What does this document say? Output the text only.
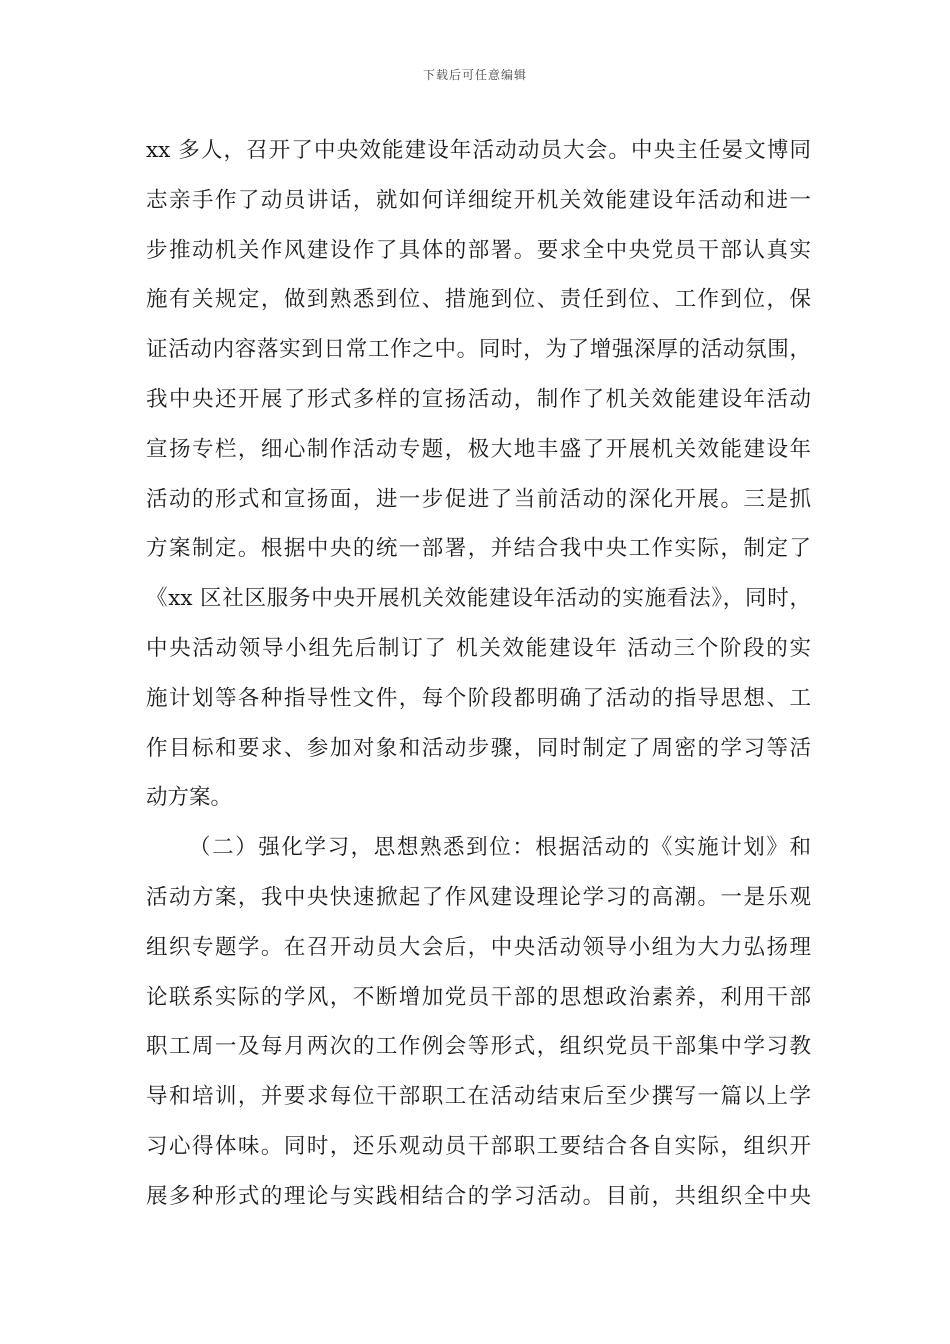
下载后可任意编辑
xx 多人，召开了中央效能建设年活动动员大会。中央主任晏文博同
志亲手作了动员讲话，就如何详细绽开机关效能建设年活动和进一
步推动机关作风建设作了具体的部署。要求全中央党员干部认真实
施有关规定，做到熟悉到位、措施到位、责任到位、工作到位，保
证活动内容落实到日常工作之中。同时，为了增强深厚的活动氛围，
我中央还开展了形式多样的宣扬活动，制作了机关效能建设年活动
宣扬专栏，细心制作活动专题，极大地丰盛了开展机关效能建设年
活动的形式和宣扬面，进一步促进了当前活动的深化开展。三是抓
方案制定。根据中央的统一部署，并结合我中央工作实际，制定了
《xx 区社区服务中央开展机关效能建设年活动的实施看法》，同时，
中央活动领导小组先后制订了 机关效能建设年 活动三个阶段的实
施计划等各种指导性文件，每个阶段都明确了活动的指导思想、工
作目标和要求、参加对象和活动步骤，同时制定了周密的学习等活
动方案。
（二）强化学习，思想熟悉到位：根据活动的《实施计划》和
活动方案，我中央快速掀起了作风建设理论学习的高潮。一是乐观
组织专题学。在召开动员大会后，中央活动领导小组为大力弘扬理
论联系实际的学风，不断增加党员干部的思想政治素养，利用干部
职工周一及每月两次的工作例会等形式，组织党员干部集中学习教
导和培训，并要求每位干部职工在活动结束后至少撰写一篇以上学
习心得体味。同时，还乐观动员干部职工要结合各自实际，组织开
展多种形式的理论与实践相结合的学习活动。目前，共组织全中央
